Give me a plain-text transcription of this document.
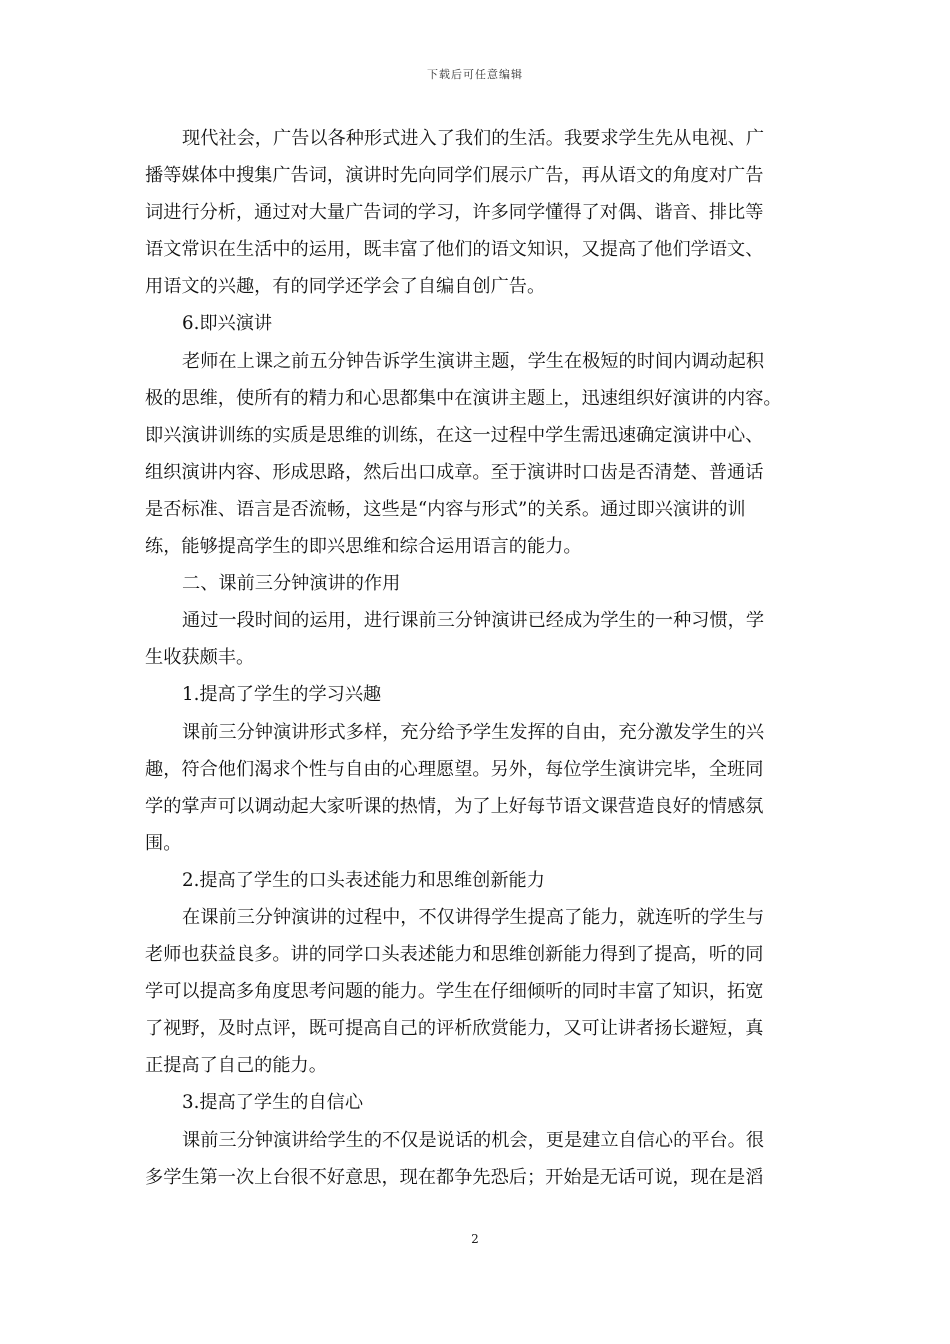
下载后可任意编辑
现代社会，广告以各种形式进入了我们的生活。我要求学生先从电视、广
播等媒体中搜集广告词，演讲时先向同学们展示广告，再从语文的角度对广告
词进行分析，通过对大量广告词的学习，许多同学懂得了对偶、谐音、排比等
语文常识在生活中的运用，既丰富了他们的语文知识，又提高了他们学语文、
用语文的兴趣，有的同学还学会了自编自创广告。
6.即兴演讲
老师在上课之前五分钟告诉学生演讲主题，学生在极短的时间内调动起积
极的思维，使所有的精力和心思都集中在演讲主题上，迅速组织好演讲的内容。
即兴演讲训练的实质是思维的训练，在这一过程中学生需迅速确定演讲中心、
组织演讲内容、形成思路，然后出口成章。至于演讲时口齿是否清楚、普通话
是否标准、语言是否流畅，这些是“内容与形式”的关系。通过即兴演讲的训
练，能够提高学生的即兴思维和综合运用语言的能力。
二、课前三分钟演讲的作用
通过一段时间的运用，进行课前三分钟演讲已经成为学生的一种习惯，学
生收获颇丰。
1.提高了学生的学习兴趣
课前三分钟演讲形式多样，充分给予学生发挥的自由，充分激发学生的兴
趣，符合他们渴求个性与自由的心理愿望。另外，每位学生演讲完毕，全班同
学的掌声可以调动起大家听课的热情，为了上好每节语文课营造良好的情感氛
围。
2.提高了学生的口头表述能力和思维创新能力
在课前三分钟演讲的过程中，不仅讲得学生提高了能力，就连听的学生与
老师也获益良多。讲的同学口头表述能力和思维创新能力得到了提高，听的同
学可以提高多角度思考问题的能力。学生在仔细倾听的同时丰富了知识，拓宽
了视野，及时点评，既可提高自己的评析欣赏能力，又可让讲者扬长避短，真
正提高了自己的能力。
3.提高了学生的自信心
课前三分钟演讲给学生的不仅是说话的机会，更是建立自信心的平台。很
多学生第一次上台很不好意思，现在都争先恐后；开始是无话可说，现在是滔
2
